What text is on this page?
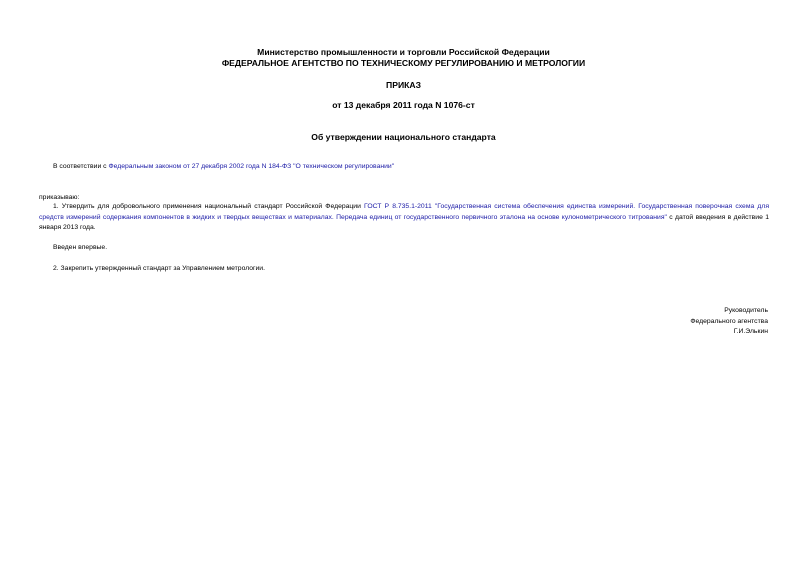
Министерство промышленности и торговли Российской Федерации
ФЕДЕРАЛЬНОЕ АГЕНТСТВО ПО ТЕХНИЧЕСКОМУ РЕГУЛИРОВАНИЮ И МЕТРОЛОГИИ
ПРИКАЗ
от 13 декабря 2011 года N 1076-ст
Об утверждении национального стандарта
В соответствии с Федеральным законом от 27 декабря 2002 года N 184-ФЗ "О техническом регулировании"
приказываю:
1. Утвердить для добровольного применения национальный стандарт Российской Федерации ГОСТ Р 8.735.1-2011 "Государственная система обеспечения единства измерений. Государственная поверочная схема для средств измерений содержания компонентов в жидких и твердых веществах и материалах. Передача единиц от государственного первичного эталона на основе кулонометрического титрования" с датой введения в действие 1 января 2013 года.
Введен впервые.
2. Закрепить утвержденный стандарт за Управлением метрологии.
Руководитель
Федерального агентства
Г.И.Элькин
